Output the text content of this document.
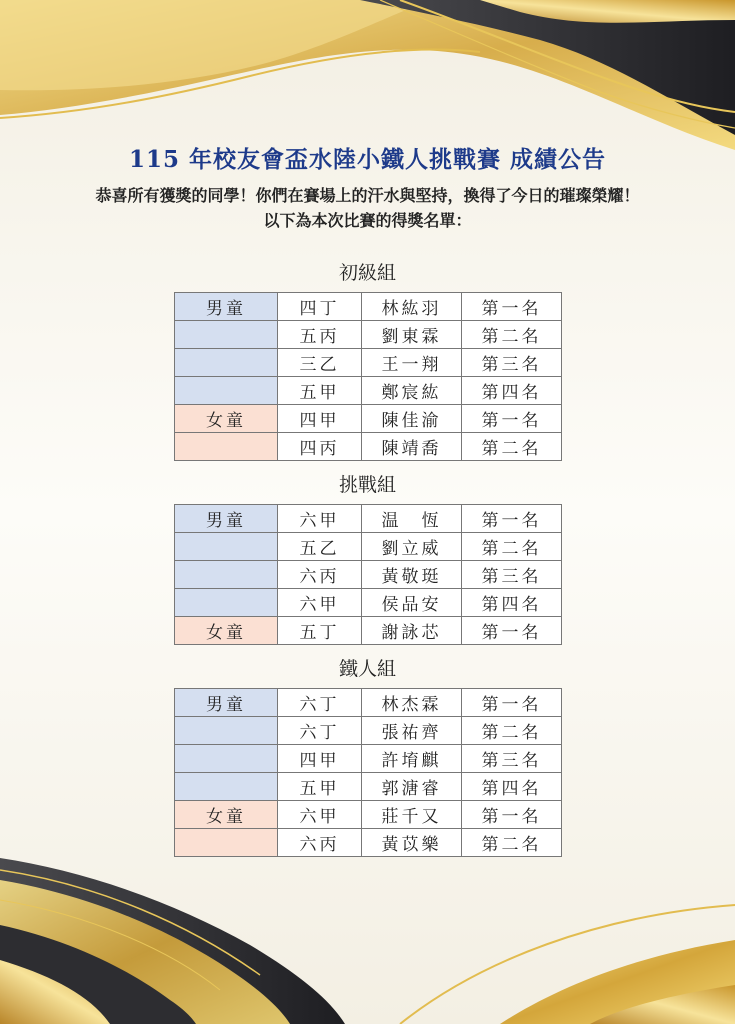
115 年校友會盃水陸小鐵人挑戰賽 成績公告
恭喜所有獲獎的同學！你們在賽場上的汗水與堅持，換得了今日的璀璨榮耀！
以下為本次比賽的得獎名單：
初級組
男童	四丁	林紘羽	第一名
	五丙	劉東霖	第二名
	三乙	王一翔	第三名
	五甲	鄭宸紘	第四名
女童	四甲	陳佳渝	第一名
	四丙	陳靖喬	第二名
挑戰組
男童	六甲	温　恆	第一名
	五乙	劉立威	第二名
	六丙	黃敬珽	第三名
	六甲	侯品安	第四名
女童	五丁	謝詠芯	第一名
鐵人組
男童	六丁	林杰霖	第一名
	六丁	張祐齊	第二名
	四甲	許堉麒	第三名
	五甲	郭溏睿	第四名
女童	六甲	莊千又	第一名
	六丙	黃苡樂	第二名
